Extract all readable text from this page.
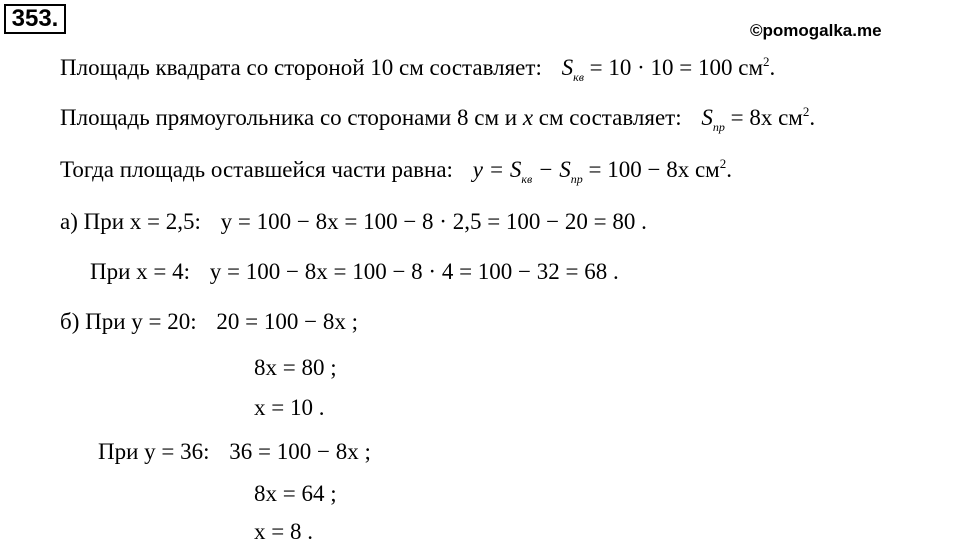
353.	©pomogalka.me
Площадь квадрата со стороной 10 см составляет: $S_{кв} = 10 \cdot 10 = 100$ $см^2$.
Площадь прямоугольника со сторонами 8 см и x см составляет: $S_{пр} = 8x$ $см^2$.
Тогда площадь оставшейся части равна: $y = S_{кв} - S_{пр} = 100 - 8x$ $см^2$.
а) При x = 2,5: y = 100 − 8x = 100 − 8 · 2,5 = 100 − 20 = 80 .
При x = 4: y = 100 − 8x = 100 − 8 · 4 = 100 − 32 = 68 .
б) При y = 20: 20 = 100 − 8x ;
8x = 80 ;
x = 10 .
При y = 36: 36 = 100 − 8x ;
8x = 64 ;
x = 8 .
